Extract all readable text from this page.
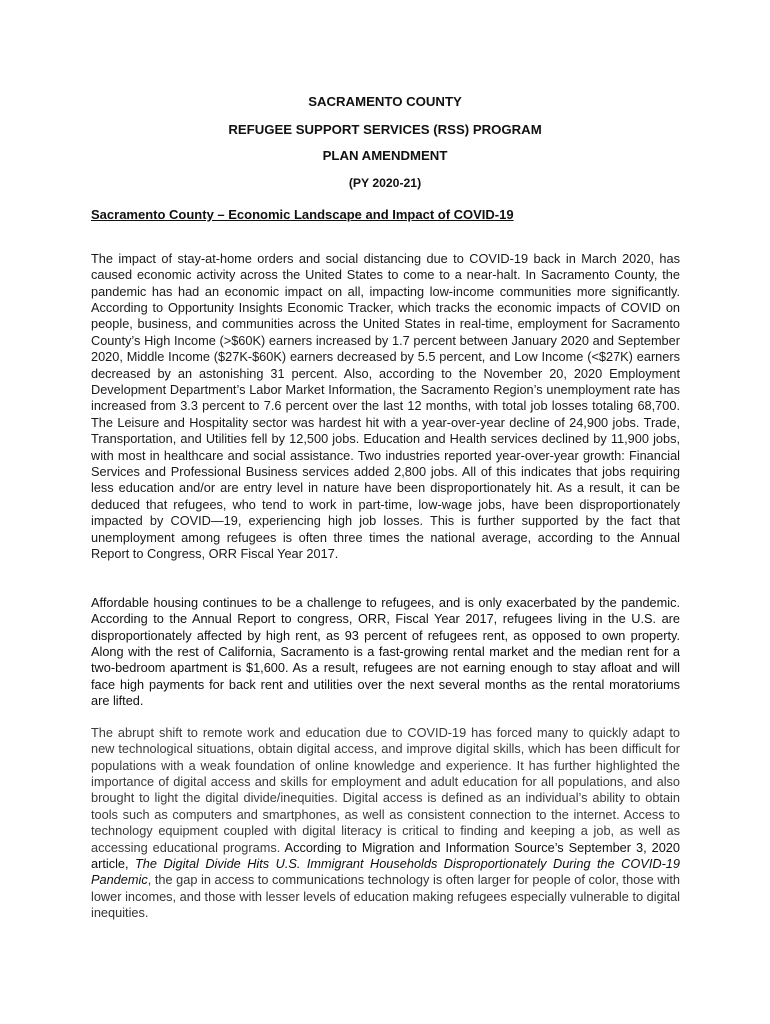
SACRAMENTO COUNTY
REFUGEE SUPPORT SERVICES (RSS) PROGRAM
PLAN AMENDMENT
(PY 2020-21)
Sacramento County – Economic Landscape and Impact of COVID-19

The impact of stay-at-home orders and social distancing due to COVID-19 back in March 2020, has caused economic activity across the United States to come to a near-halt. In Sacramento County, the pandemic has had an economic impact on all, impacting low-income communities more significantly. According to Opportunity Insights Economic Tracker, which tracks the economic impacts of COVID on people, business, and communities across the United States in real-time, employment for Sacramento County’s High Income (>$60K) earners increased by 1.7 percent between January 2020 and September 2020, Middle Income ($27K-$60K) earners decreased by 5.5 percent, and Low Income (<$27K) earners decreased by an astonishing 31 percent. Also, according to the November 20, 2020 Employment Development Department’s Labor Market Information, the Sacramento Region’s unemployment rate has increased from 3.3 percent to 7.6 percent over the last 12 months, with total job losses totaling 68,700. The Leisure and Hospitality sector was hardest hit with a year-over-year decline of 24,900 jobs. Trade, Transportation, and Utilities fell by 12,500 jobs. Education and Health services declined by 11,900 jobs, with most in healthcare and social assistance. Two industries reported year-over-year growth: Financial Services and Professional Business services added 2,800 jobs. All of this indicates that jobs requiring less education and/or are entry level in nature have been disproportionately hit. As a result, it can be deduced that refugees, who tend to work in part-time, low-wage jobs, have been disproportionately impacted by COVID—19, experiencing high job losses. This is further supported by the fact that unemployment among refugees is often three times the national average, according to the Annual Report to Congress, ORR Fiscal Year 2017.

Affordable housing continues to be a challenge to refugees, and is only exacerbated by the pandemic. According to the Annual Report to congress, ORR, Fiscal Year 2017, refugees living in the U.S. are disproportionately affected by high rent, as 93 percent of refugees rent, as opposed to own property. Along with the rest of California, Sacramento is a fast-growing rental market and the median rent for a two-bedroom apartment is $1,600. As a result, refugees are not earning enough to stay afloat and will face high payments for back rent and utilities over the next several months as the rental moratoriums are lifted.

The abrupt shift to remote work and education due to COVID-19 has forced many to quickly adapt to new technological situations, obtain digital access, and improve digital skills, which has been difficult for populations with a weak foundation of online knowledge and experience. It has further highlighted the importance of digital access and skills for employment and adult education for all populations, and also brought to light the digital divide/inequities. Digital access is defined as an individual’s ability to obtain tools such as computers and smartphones, as well as consistent connection to the internet. Access to technology equipment coupled with digital literacy is critical to finding and keeping a job, as well as accessing educational programs. According to Migration and Information Source’s September 3, 2020 article, The Digital Divide Hits U.S. Immigrant Households Disproportionately During the COVID-19 Pandemic, the gap in access to communications technology is often larger for people of color, those with lower incomes, and those with lesser levels of education making refugees especially vulnerable to digital inequities.
